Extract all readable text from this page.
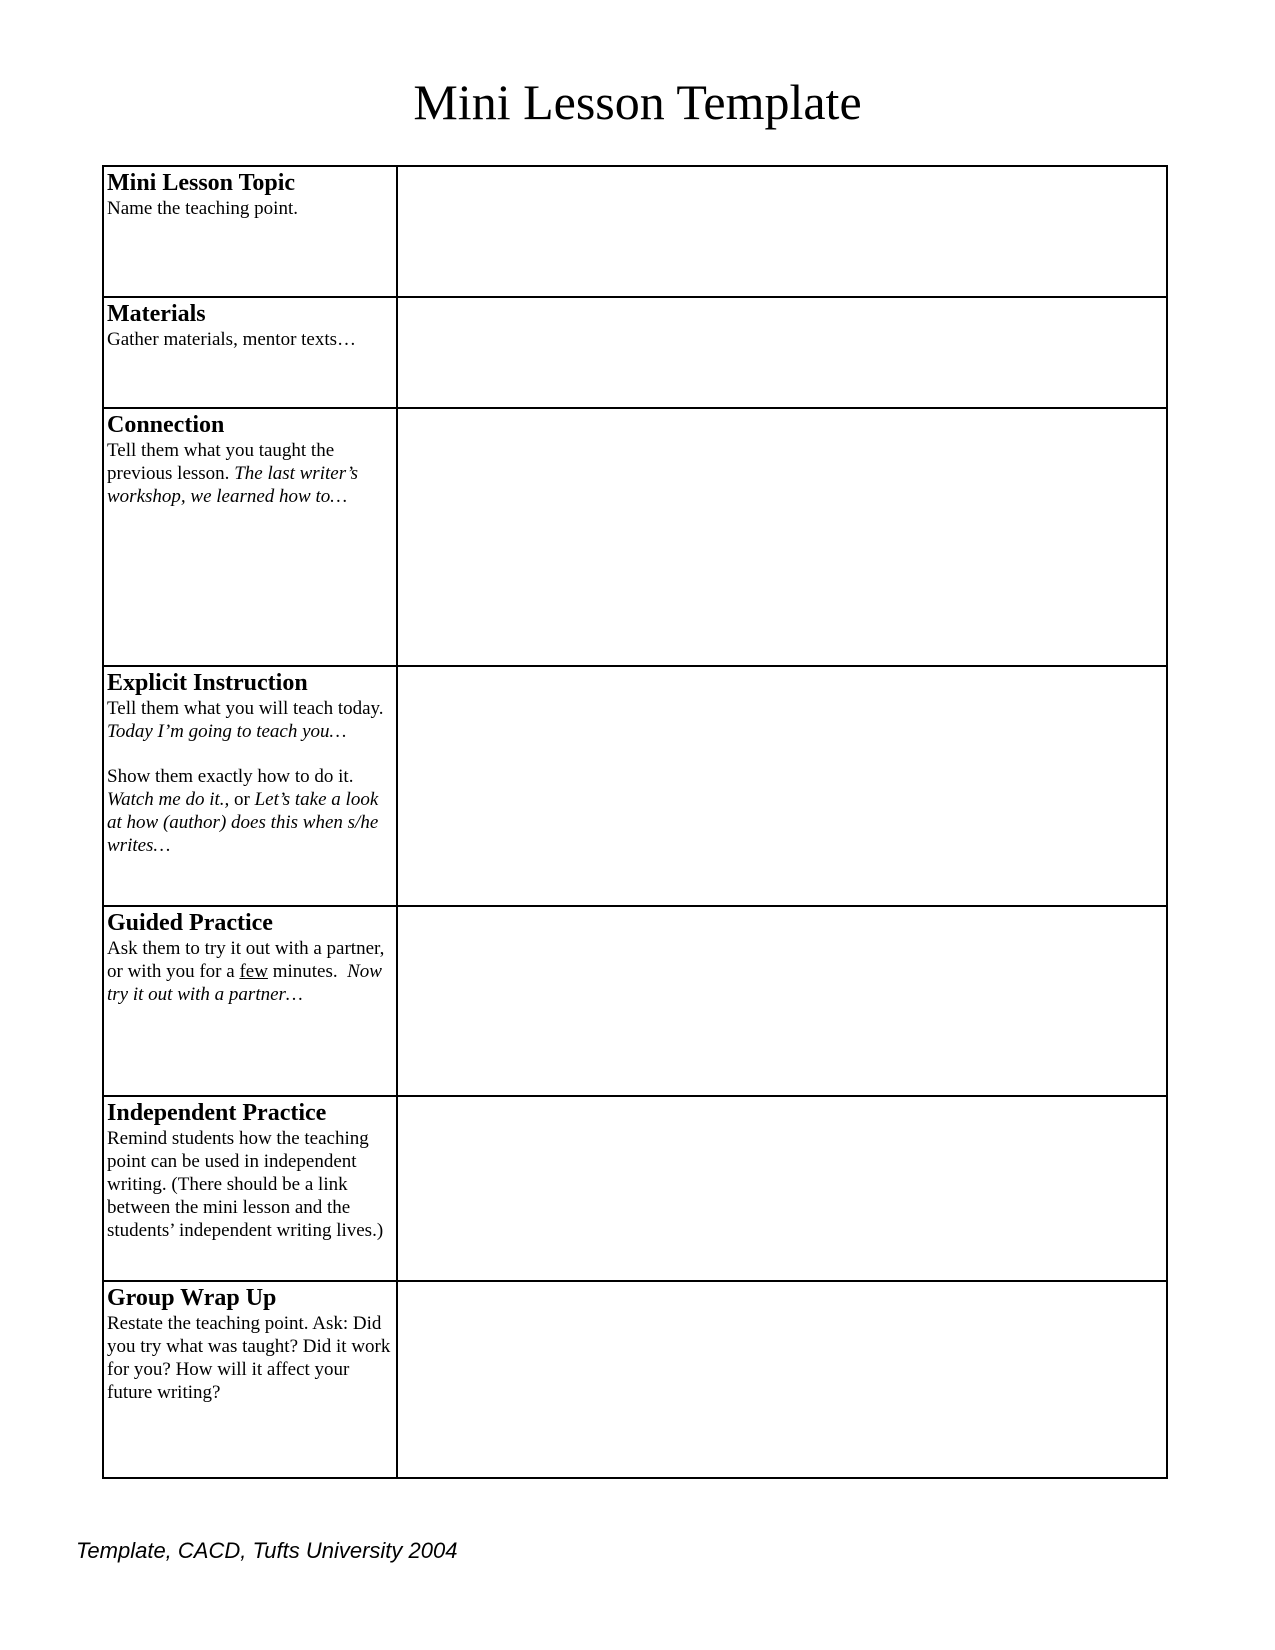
Mini Lesson Template
Mini Lesson Topic
Name the teaching point.	

Materials
Gather materials, mentor texts…	

Connection
Tell them what you taught the previous lesson. The last writer’s workshop, we learned how to…	

Explicit Instruction
Tell them what you will teach today. Today I’m going to teach you…
Show them exactly how to do it. Watch me do it., or Let’s take a look at how (author) does this when s/he writes…	

Guided Practice
Ask them to try it out with a partner, or with you for a few minutes.  Now try it out with a partner…	

Independent Practice
Remind students how the teaching point can be used in independent writing. (There should be a link between the mini lesson and the students’ independent writing lives.)	

Group Wrap Up
Restate the teaching point. Ask: Did you try what was taught? Did it work for you? How will it affect your future writing?	

Template, CACD, Tufts University 2004
